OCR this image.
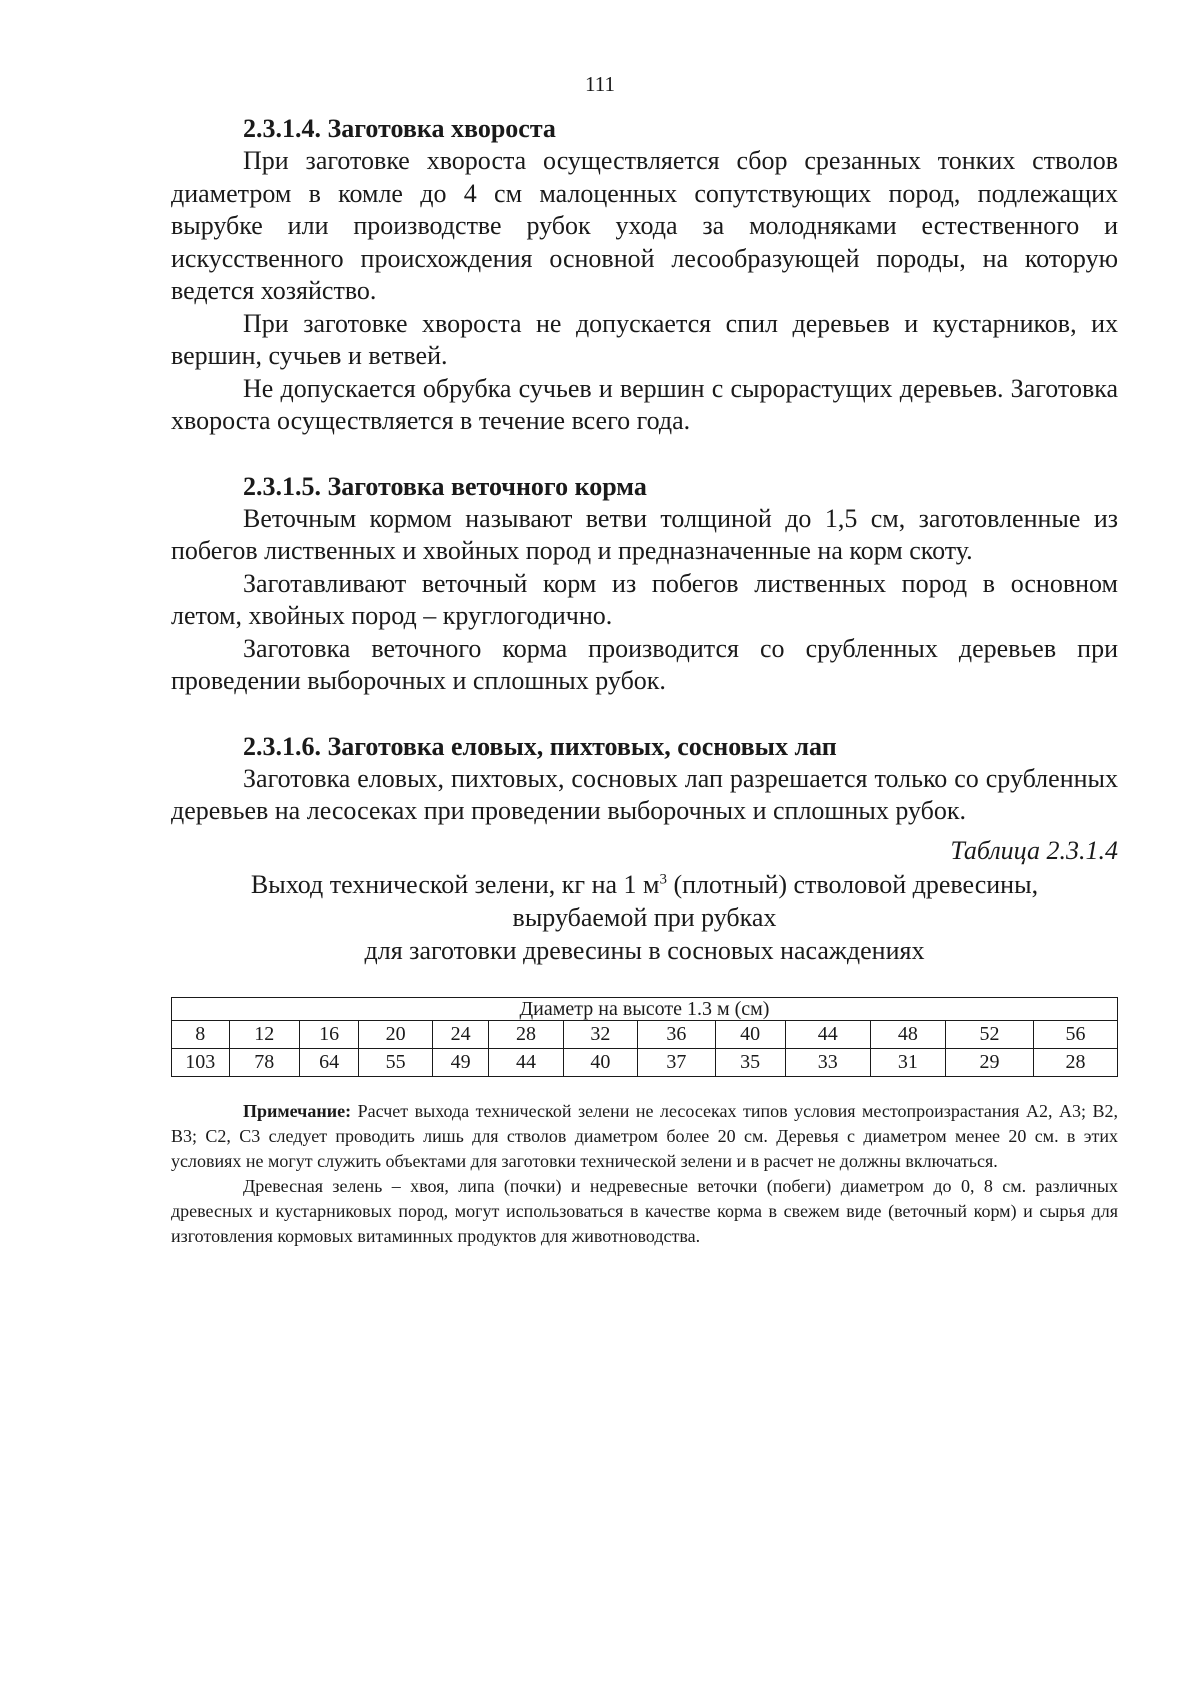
111

2.3.1.4. Заготовка хвороста

При заготовке хвороста осуществляется сбор срезанных тонких стволов диаметром в комле до 4 см малоценных сопутствующих пород, подлежащих вырубке или производстве рубок ухода за молодняками естественного и искусственного происхождения основной лесообразующей породы, на которую ведется хозяйство.

При заготовке хвороста не допускается спил деревьев и кустарников, их вершин, сучьев и ветвей.

Не допускается обрубка сучьев и вершин с сырорастущих деревьев. Заготовка хвороста осуществляется в течение всего года.

2.3.1.5. Заготовка веточного корма

Веточным кормом называют ветви толщиной до 1,5 см, заготовленные из побегов лиственных и хвойных пород и предназначенные на корм скоту.

Заготавливают веточный корм из побегов лиственных пород в основном летом, хвойных пород – круглогодично.

Заготовка веточного корма производится со срубленных деревьев при проведении выборочных и сплошных рубок.

2.3.1.6. Заготовка еловых, пихтовых, сосновых лап

Заготовка еловых, пихтовых, сосновых лап разрешается только со срубленных деревьев на лесосеках при проведении выборочных и сплошных рубок.

Таблица 2.3.1.4

Выход технической зелени, кг на 1 $м^3$ (плотный) стволовой древесины,

вырубаемой при рубках

для заготовки древесины в сосновых насаждениях

Диаметр на высоте 1.3 м (см)												
8	12	16	20	24	28	32	36	40	44	48	52	56
103	78	64	55	49	44	40	37	35	33	31	29	28

Примечание: Расчет выхода технической зелени не лесосеках типов условия местопроизрастания А2, А3; В2, В3; С2, С3 следует проводить лишь для стволов диаметром более 20 см. Деревья с диаметром менее 20 см. в этих условиях не могут служить объектами для заготовки технической зелени и в расчет не должны включаться.

Древесная зелень – хвоя, липа (почки) и недревесные веточки (побеги) диаметром до 0, 8 см. различных древесных и кустарниковых пород, могут использоваться в качестве корма в свежем виде (веточный корм) и сырья для изготовления кормовых витаминных продуктов для животноводства.
